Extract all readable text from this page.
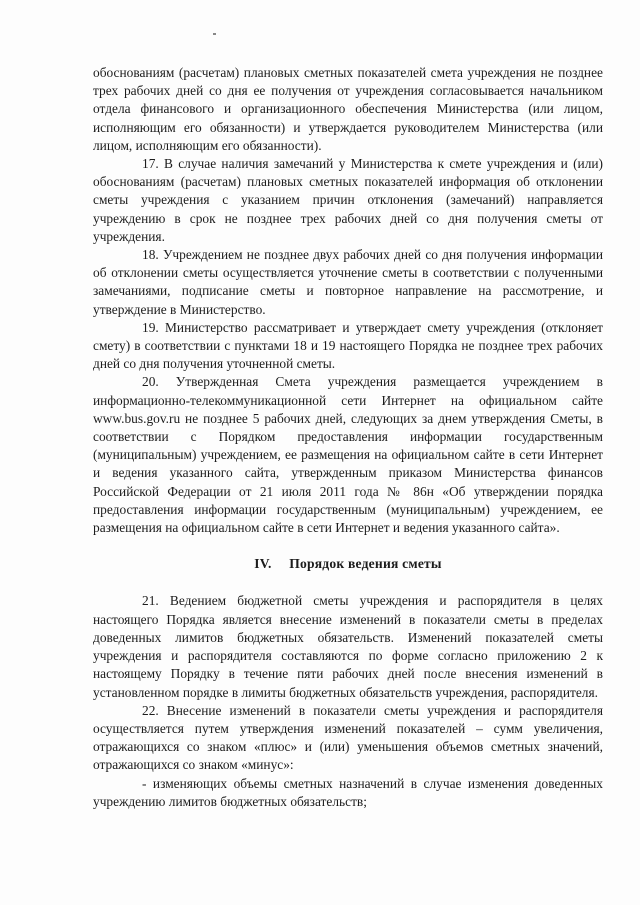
обоснованиям (расчетам) плановых сметных показателей смета учреждения не позднее трех рабочих дней со дня ее получения от учреждения согласовывается начальником отдела финансового и организационного обеспечения Министерства (или лицом, исполняющим его обязанности) и утверждается руководителем Министерства (или лицом, исполняющим его обязанности).

17. В случае наличия замечаний у Министерства к смете учреждения и (или) обоснованиям (расчетам) плановых сметных показателей информация об отклонении сметы учреждения с указанием причин отклонения (замечаний) направляется учреждению в срок не позднее трех рабочих дней со дня получения сметы от учреждения.

18. Учреждением не позднее двух рабочих дней со дня получения информации об отклонении сметы осуществляется уточнение сметы в соответствии с полученными замечаниями, подписание сметы и повторное направление на рассмотрение, и утверждение в Министерство.

19. Министерство рассматривает и утверждает смету учреждения (отклоняет смету) в соответствии с пунктами 18 и 19 настоящего Порядка не позднее трех рабочих дней со дня получения уточненной сметы.

20. Утвержденная Смета учреждения размещается учреждением в информационно-телекоммуникационной сети Интернет на официальном сайте www.bus.gov.ru не позднее 5 рабочих дней, следующих за днем утверждения Сметы, в соответствии с Порядком предоставления информации государственным (муниципальным) учреждением, ее размещения на официальном сайте в сети Интернет и ведения указанного сайта, утвержденным приказом Министерства финансов Российской Федерации от 21 июля 2011 года № 86н «Об утверждении порядка предоставления информации государственным (муниципальным) учреждением, ее размещения на официальном сайте в сети Интернет и ведения указанного сайта».

IV. Порядок ведения сметы

21. Ведением бюджетной сметы учреждения и распорядителя в целях настоящего Порядка является внесение изменений в показатели сметы в пределах доведенных лимитов бюджетных обязательств. Изменений показателей сметы учреждения и распорядителя составляются по форме согласно приложению 2 к настоящему Порядку в течение пяти рабочих дней после внесения изменений в установленном порядке в лимиты бюджетных обязательств учреждения, распорядителя.

22. Внесение изменений в показатели сметы учреждения и распорядителя осуществляется путем утверждения изменений показателей – сумм увеличения, отражающихся со знаком «плюс» и (или) уменьшения объемов сметных значений, отражающихся со знаком «минус»:

- изменяющих объемы сметных назначений в случае изменения доведенных учреждению лимитов бюджетных обязательств;
